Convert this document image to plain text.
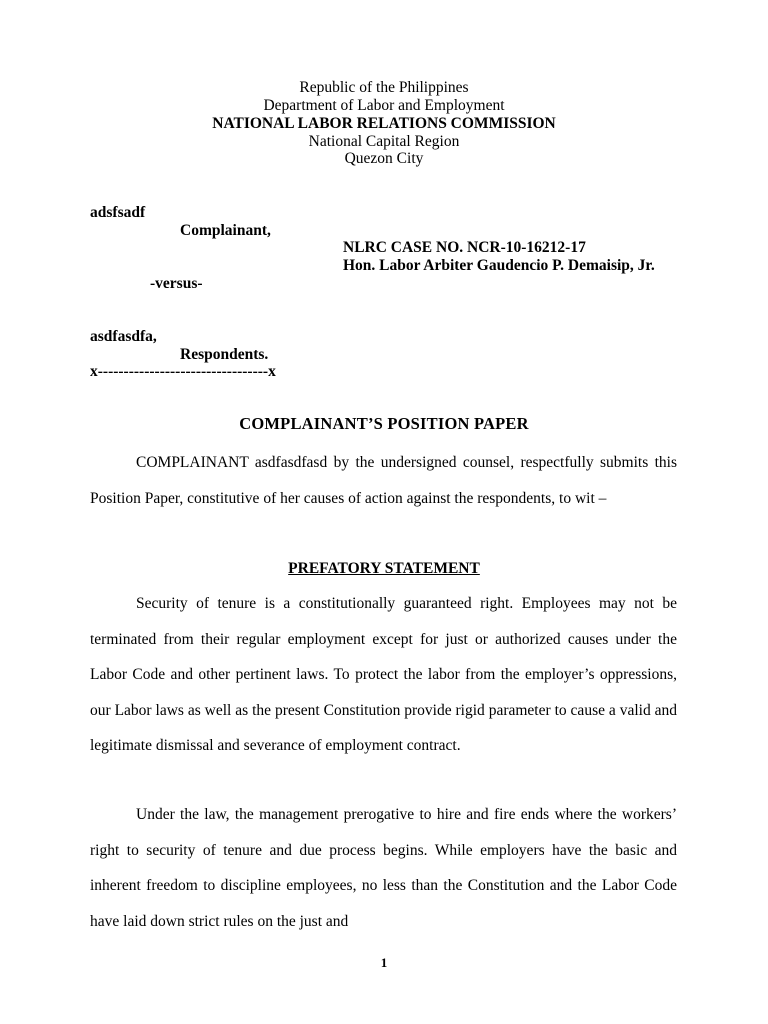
Republic of the Philippines
Department of Labor and Employment
NATIONAL LABOR RELATIONS COMMISSION
National Capital Region
Quezon City
adsfsadf
Complainant,
NLRC CASE NO. NCR-10-16212-17
Hon. Labor Arbiter Gaudencio P. Demaisip, Jr.
-versus-
asdfasdfa,
Respondents.
x---------------------------------x
COMPLAINANT’S POSITION PAPER

COMPLAINANT asdfasdfasd by the undersigned counsel, respectfully submits this Position Paper, constitutive of her causes of action against the respondents, to wit –

PREFATORY STATEMENT

Security of tenure is a constitutionally guaranteed right. Employees may not be terminated from their regular employment except for just or authorized causes under the Labor Code and other pertinent laws. To protect the labor from the employer’s oppressions, our Labor laws as well as the present Constitution provide rigid parameter to cause a valid and legitimate dismissal and severance of employment contract.

Under the law, the management prerogative to hire and fire ends where the workers’ right to security of tenure and due process begins. While employers have the basic and inherent freedom to discipline employees, no less than the Constitution and the Labor Code have laid down strict rules on the just and

1
